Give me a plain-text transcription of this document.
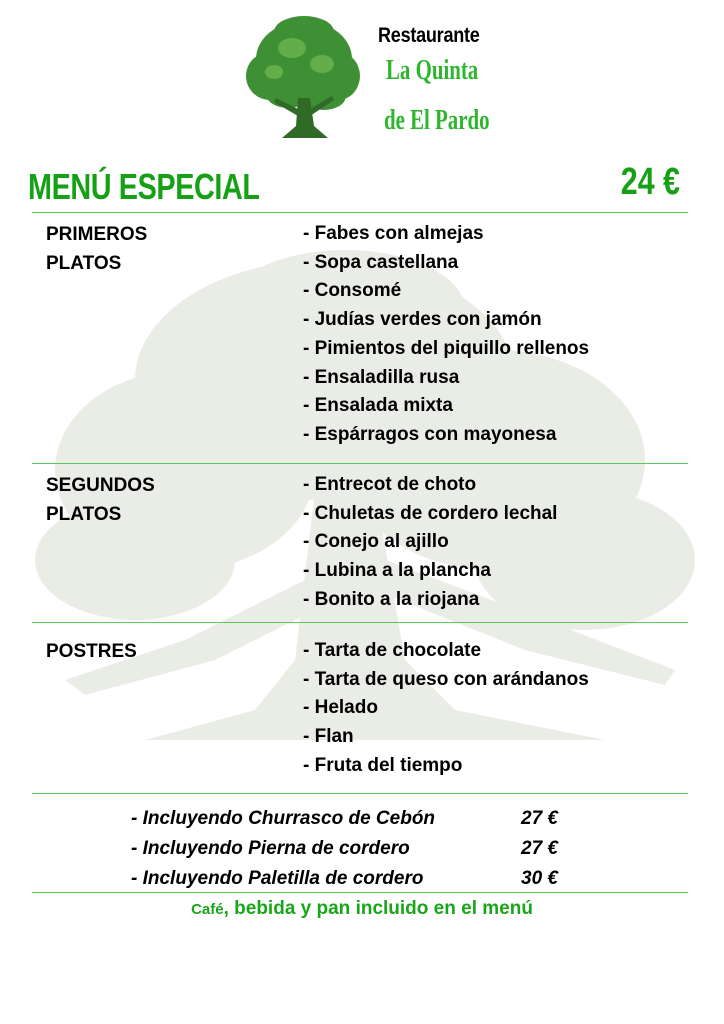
Restaurante
La Quinta
de El Pardo
MENÚ ESPECIAL	24 €
PRIMEROS
PLATOS
- Fabes con almejas
- Sopa castellana
- Consomé
- Judías verdes con jamón
- Pimientos del piquillo rellenos
- Ensaladilla rusa
- Ensalada mixta
- Espárragos con mayonesa
SEGUNDOS
PLATOS
- Entrecot de choto
- Chuletas de cordero lechal
- Conejo al ajillo
- Lubina a la plancha
- Bonito a la riojana
POSTRES	- Tarta de chocolate
- Tarta de queso con arándanos
- Helado
- Flan
- Fruta del tiempo
- Incluyendo Churrasco de Cebón	27 €
- Incluyendo Pierna de cordero	27 €
- Incluyendo Paletilla de cordero	30 €
Café, bebida y pan incluido en el menú
